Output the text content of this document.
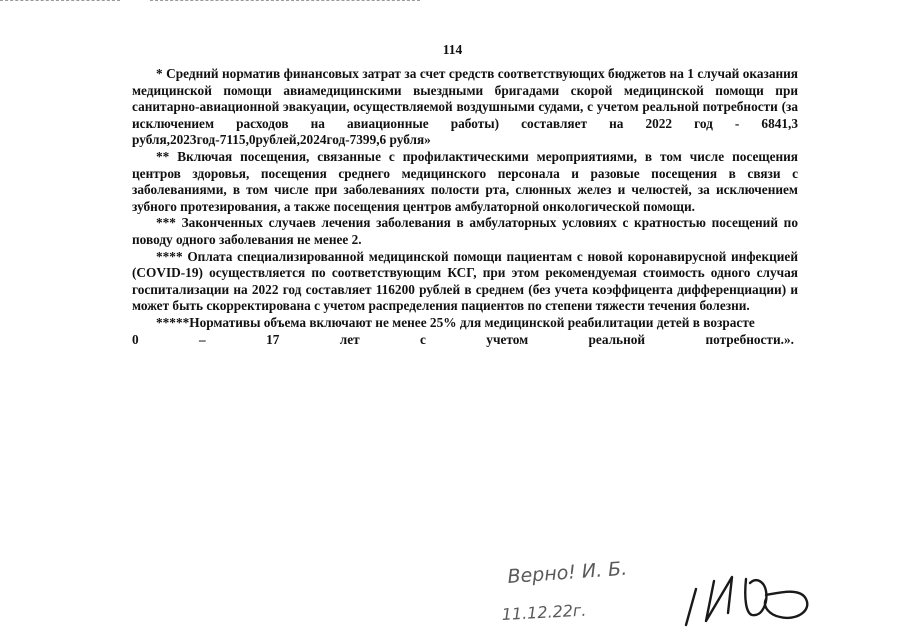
114

* Средний норматив финансовых затрат за счет средств соответствующих бюджетов на 1 случай оказания медицинской помощи авиамедицинскими выездными бригадами скорой медицинской помощи при санитарно-авиационной эвакуации, осуществляемой воздушными судами, с учетом реальной потребности (за исключением расходов на авиационные работы) составляет на 2022 год - 6841,3 рубля,2023год-7115,0рублей,2024год-7399,6 рубля»

** Включая посещения, связанные с профилактическими мероприятиями, в том числе посещения центров здоровья, посещения среднего медицинского персонала и разовые посещения в связи с заболеваниями, в том числе при заболеваниях полости рта, слюнных желез и челюстей, за исключением зубного протезирования, а также посещения центров амбулаторной онкологической помощи.

*** Законченных случаев лечения заболевания в амбулаторных условиях с кратностью посещений по поводу одного заболевания не менее 2.

**** Оплата специализированной медицинской помощи пациентам с новой коронавирусной инфекцией (COVID-19) осуществляется по соответствующим КСГ, при этом рекомендуемая стоимость одного случая госпитализации на 2022 год составляет 116200 рублей в среднем (без учета коэффицента дифференциации) и может быть скорректирована с учетом распределения пациентов по степени тяжести течения болезни.

*****Нормативы объема включают не менее 25% для медицинской реабилитации детей в возрасте

0	–	17	лет	с	учетом	реальной	потребности.».
Верно! И. Б.
11.12.22г.
